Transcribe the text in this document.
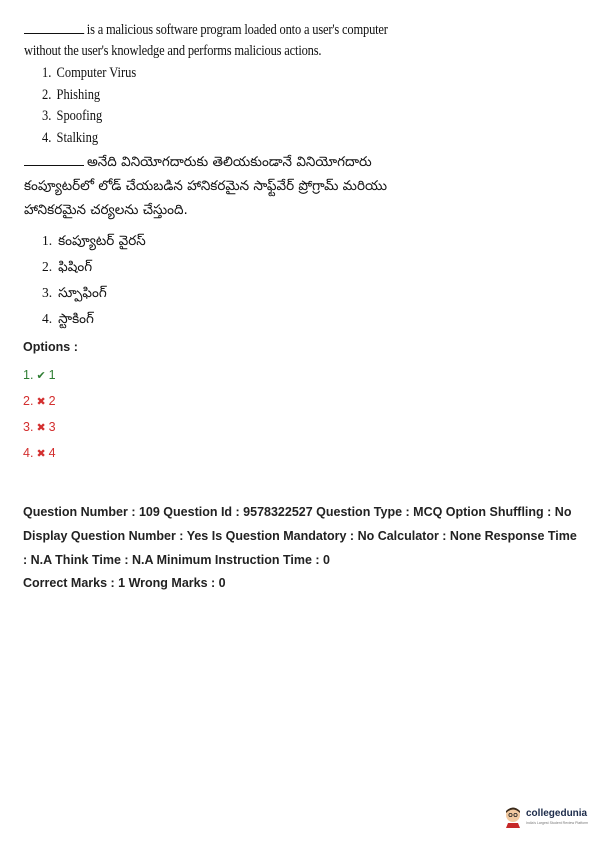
is a malicious software program loaded onto a user's computer without the user's knowledge and performs malicious actions.
1. Computer Virus
2. Phishing
3. Spoofing
4. Stalking
అనేది వినియోగదారుకు తెలియకుండానే వినియోగదారు కంప్యూటర్‌లో లోడ్ చేయబడిన హానికరమైన సాఫ్ట్‌వేర్ ప్రోగ్రామ్ మరియు హానికరమైన చర్యలను చేస్తుంది.
1. కంప్యూటర్ వైరస్
2. ఫిషింగ్
3. స్పూఫింగ్
4. స్టాకింగ్
Options :
1. ✔ 1
2. ✖ 2
3. ✖ 3
4. ✖ 4
Question Number : 109 Question Id : 9578322527 Question Type : MCQ Option Shuffling : No Display Question Number : Yes Is Question Mandatory : No Calculator : None Response Time : N.A Think Time : N.A Minimum Instruction Time : 0
Correct Marks : 1 Wrong Marks : 0
collegedunia
India's Largest Student Review Platform
